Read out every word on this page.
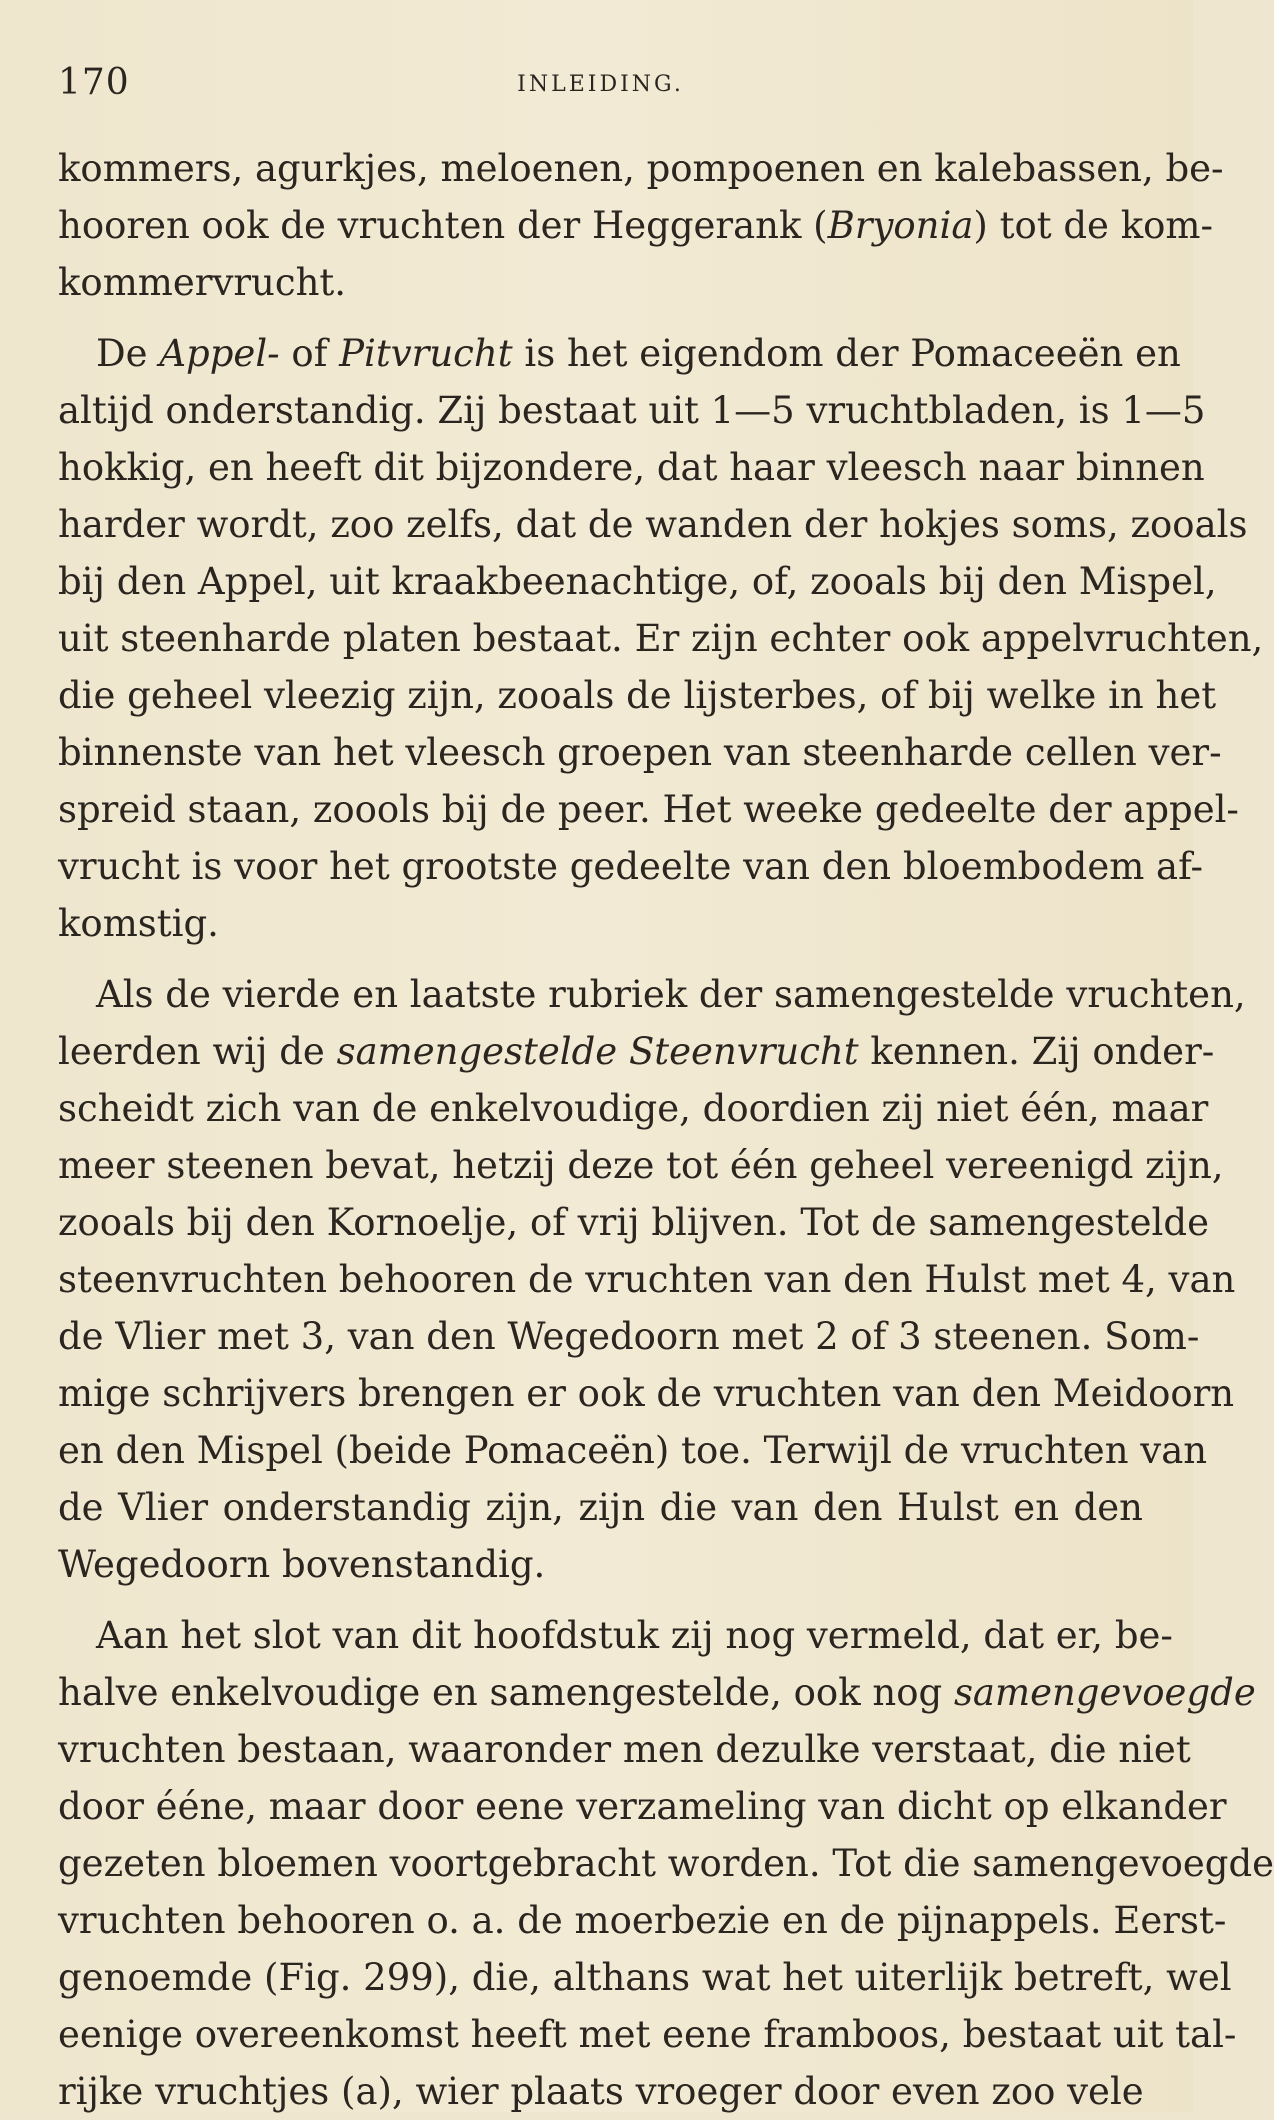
170	INLEIDING.
kommers, agurkjes, meloenen, pompoenen en kalebassen, be-
hooren ook de vruchten der Heggerank (Bryonia) tot de kom-
kommervrucht.
De Appel- of Pitvrucht is het eigendom der Pomaceeën en
altijd onderstandig. Zij bestaat uit 1—5 vruchtbladen, is 1—5
hokkig, en heeft dit bijzondere, dat haar vleesch naar binnen
harder wordt, zoo zelfs, dat de wanden der hokjes soms, zooals
bij den Appel, uit kraakbeenachtige, of, zooals bij den Mispel,
uit steenharde platen bestaat. Er zijn echter ook appelvruchten,
die geheel vleezig zijn, zooals de lijsterbes, of bij welke in het
binnenste van het vleesch groepen van steenharde cellen ver-
spreid staan, zoools bij de peer. Het weeke gedeelte der appel-
vrucht is voor het grootste gedeelte van den bloembodem af-
komstig.
Als de vierde en laatste rubriek der samengestelde vruchten,
leerden wij de samengestelde Steenvrucht kennen. Zij onder-
scheidt zich van de enkelvoudige, doordien zij niet één, maar
meer steenen bevat, hetzij deze tot één geheel vereenigd zijn,
zooals bij den Kornoelje, of vrij blijven. Tot de samengestelde
steenvruchten behooren de vruchten van den Hulst met 4, van
de Vlier met 3, van den Wegedoorn met 2 of 3 steenen. Som-
mige schrijvers brengen er ook de vruchten van den Meidoorn
en den Mispel (beide Pomaceën) toe. Terwijl de vruchten van
de Vlier onderstandig zijn, zijn die van den Hulst en den
Wegedoorn bovenstandig.
Aan het slot van dit hoofdstuk zij nog vermeld, dat er, be-
halve enkelvoudige en samengestelde, ook nog samengevoegde
vruchten bestaan, waaronder men dezulke verstaat, die niet
door ééne, maar door eene verzameling van dicht op elkander
gezeten bloemen voortgebracht worden. Tot die samengevoegde
vruchten behooren o. a. de moerbezie en de pijnappels. Eerst-
genoemde (Fig. 299), die, althans wat het uiterlijk betreft, wel
eenige overeenkomst heeft met eene framboos, bestaat uit tal-
rijke vruchtjes (a), wier plaats vroeger door even zoo vele
